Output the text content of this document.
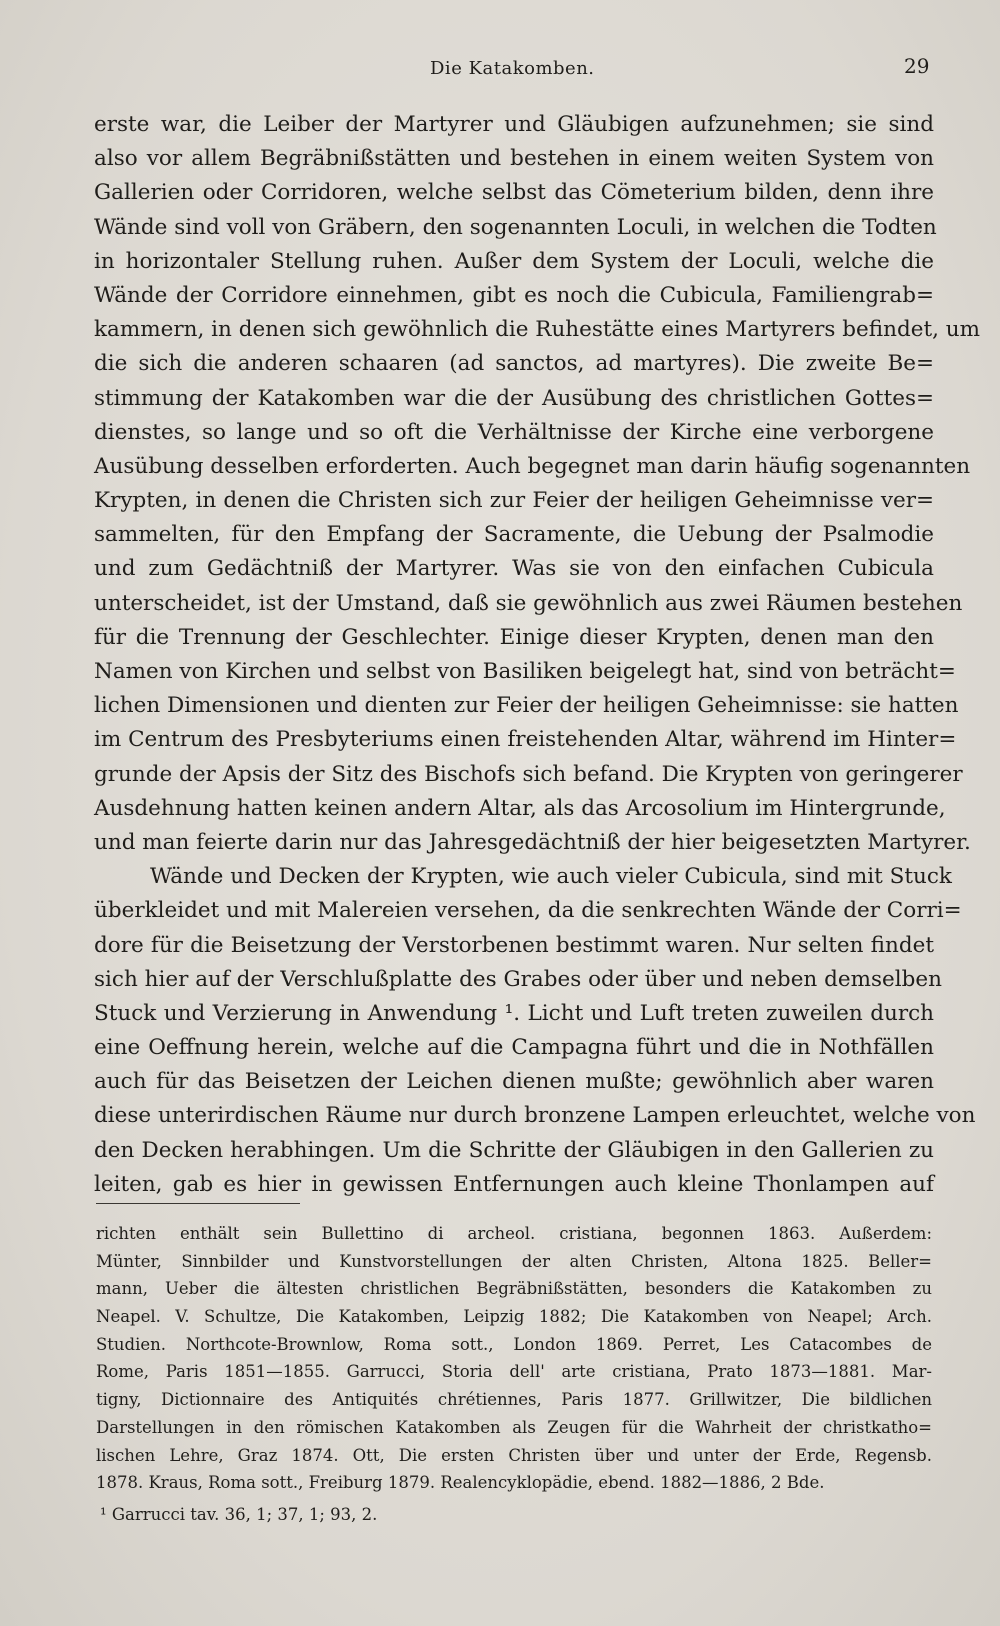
Die Katakomben.	29
erste war, die Leiber der Martyrer und Gläubigen aufzunehmen; sie sind
also vor allem Begräbnißstätten und bestehen in einem weiten System von
Gallerien oder Corridoren, welche selbst das Cömeterium bilden, denn ihre
Wände sind voll von Gräbern, den sogenannten Loculi, in welchen die Todten
in horizontaler Stellung ruhen. Außer dem System der Loculi, welche die
Wände der Corridore einnehmen, gibt es noch die Cubicula, Familiengrab=
kammern, in denen sich gewöhnlich die Ruhestätte eines Martyrers befindet, um
die sich die anderen schaaren (ad sanctos, ad martyres). Die zweite Be=
stimmung der Katakomben war die der Ausübung des christlichen Gottes=
dienstes, so lange und so oft die Verhältnisse der Kirche eine verborgene
Ausübung desselben erforderten. Auch begegnet man darin häufig sogenannten
Krypten, in denen die Christen sich zur Feier der heiligen Geheimnisse ver=
sammelten, für den Empfang der Sacramente, die Uebung der Psalmodie
und zum Gedächtniß der Martyrer. Was sie von den einfachen Cubicula
unterscheidet, ist der Umstand, daß sie gewöhnlich aus zwei Räumen bestehen
für die Trennung der Geschlechter. Einige dieser Krypten, denen man den
Namen von Kirchen und selbst von Basiliken beigelegt hat, sind von beträcht=
lichen Dimensionen und dienten zur Feier der heiligen Geheimnisse: sie hatten
im Centrum des Presbyteriums einen freistehenden Altar, während im Hinter=
grunde der Apsis der Sitz des Bischofs sich befand. Die Krypten von geringerer
Ausdehnung hatten keinen andern Altar, als das Arcosolium im Hintergrunde,
und man feierte darin nur das Jahresgedächtniß der hier beigesetzten Martyrer.
Wände und Decken der Krypten, wie auch vieler Cubicula, sind mit Stuck
überkleidet und mit Malereien versehen, da die senkrechten Wände der Corri=
dore für die Beisetzung der Verstorbenen bestimmt waren. Nur selten findet
sich hier auf der Verschlußplatte des Grabes oder über und neben demselben
Stuck und Verzierung in Anwendung ¹. Licht und Luft treten zuweilen durch
eine Oeffnung herein, welche auf die Campagna führt und die in Nothfällen
auch für das Beisetzen der Leichen dienen mußte; gewöhnlich aber waren
diese unterirdischen Räume nur durch bronzene Lampen erleuchtet, welche von
den Decken herabhingen. Um die Schritte der Gläubigen in den Gallerien zu
leiten, gab es hier in gewissen Entfernungen auch kleine Thonlampen auf
richten enthält sein Bullettino di archeol. cristiana, begonnen 1863. Außerdem:
Münter, Sinnbilder und Kunstvorstellungen der alten Christen, Altona 1825. Beller=
mann, Ueber die ältesten christlichen Begräbnißstätten, besonders die Katakomben zu
Neapel. V. Schultze, Die Katakomben, Leipzig 1882; Die Katakomben von Neapel; Arch.
Studien. Northcote-Brownlow, Roma sott., London 1869. Perret, Les Catacombes de
Rome, Paris 1851—1855. Garrucci, Storia dell' arte cristiana, Prato 1873—1881. Mar-
tigny, Dictionnaire des Antiquités chrétiennes, Paris 1877. Grillwitzer, Die bildlichen
Darstellungen in den römischen Katakomben als Zeugen für die Wahrheit der christkatho=
lischen Lehre, Graz 1874. Ott, Die ersten Christen über und unter der Erde, Regensb.
1878. Kraus, Roma sott., Freiburg 1879. Realencyklopädie, ebend. 1882—1886, 2 Bde.
¹ Garrucci tav. 36, 1; 37, 1; 93, 2.
